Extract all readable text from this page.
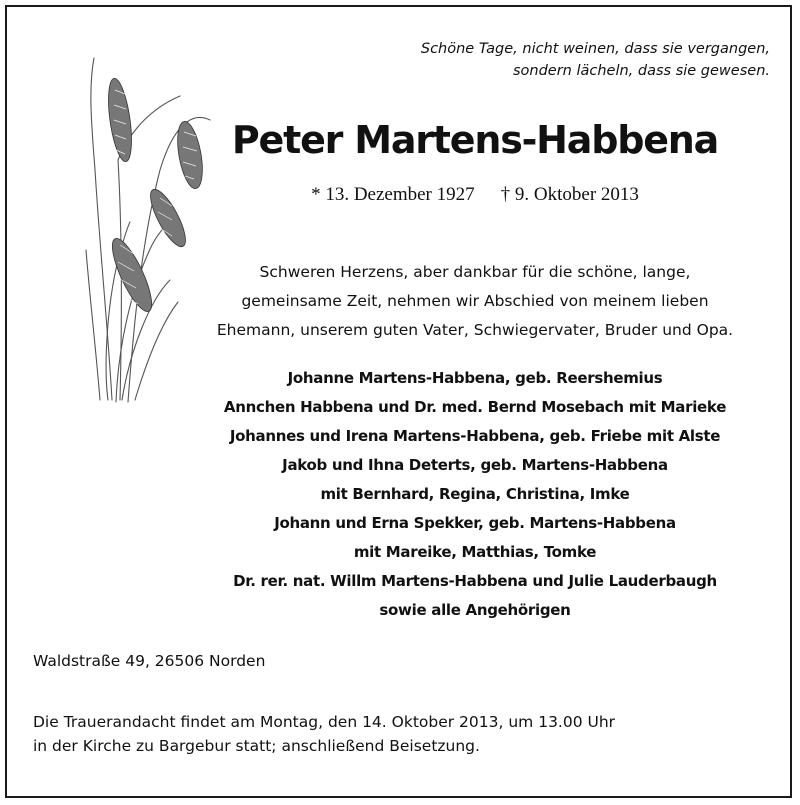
Schöne Tage, nicht weinen, dass sie vergangen,
sondern lächeln, dass sie gewesen.
Peter Martens-Habbena
* 13. Dezember 1927 † 9. Oktober 2013
Schweren Herzens, aber dankbar für die schöne, lange,
gemeinsame Zeit, nehmen wir Abschied von meinem lieben
Ehemann, unserem guten Vater, Schwiegervater, Bruder und Opa.
Johanne Martens-Habbena, geb. Reershemius
Annchen Habbena und Dr. med. Bernd Mosebach mit Marieke
Johannes und Irena Martens-Habbena, geb. Friebe mit Alste
Jakob und Ihna Deterts, geb. Martens-Habbena
mit Bernhard, Regina, Christina, Imke
Johann und Erna Spekker, geb. Martens-Habbena
mit Mareike, Matthias, Tomke
Dr. rer. nat. Willm Martens-Habbena und Julie Lauderbaugh
sowie alle Angehörigen
Waldstraße 49, 26506 Norden
Die Trauerandacht findet am Montag, den 14. Oktober 2013, um 13.00 Uhr
in der Kirche zu Bargebur statt; anschließend Beisetzung.
